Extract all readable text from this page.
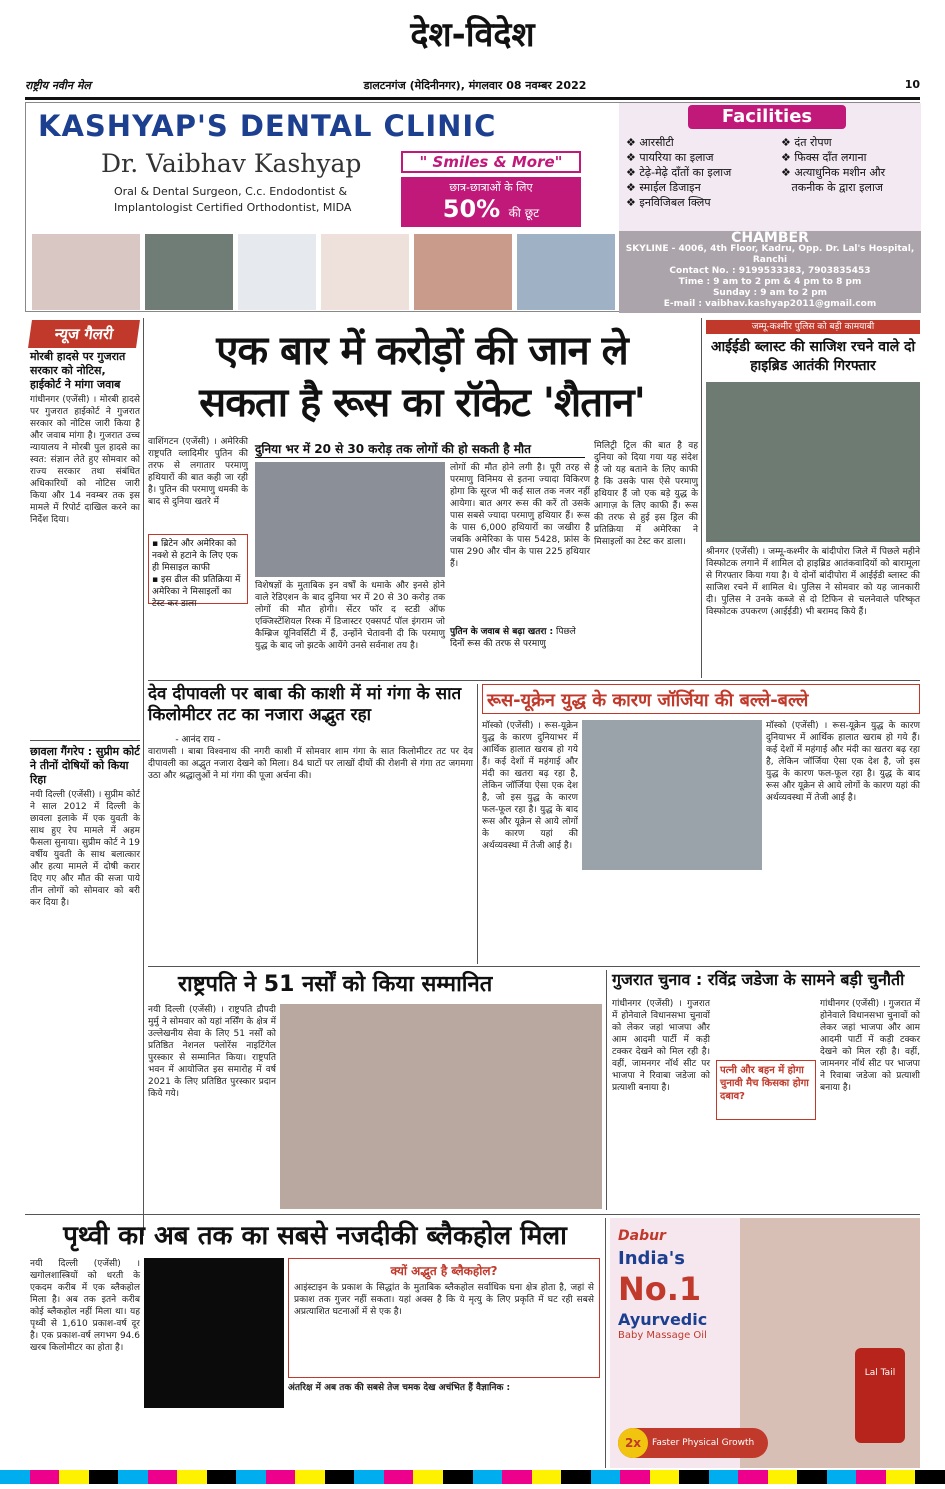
देश-विदेश
राष्ट्रीय नवीन मेल	डालटनगंज (मेदिनीनगर), मंगलवार 08 नवम्बर 2022	10
KASHYAP'S DENTAL CLINIC
Dr. Vaibhav Kashyap
Oral & Dental Surgeon, C.c. Endodontist &
Implantologist Certified Orthodontist, MIDA
" Smiles & More"
छात्र-छात्राओं के लिए
50% की छूट
Facilities
❖ आरसीटी
❖ पायरिया का इलाज
❖ टेढ़े-मेढ़े दाँतों का इलाज
❖ स्माईल डिजाइन
❖ इनविजिबल क्लिप
❖ दंत रोपण
❖ फिक्स दाँत लगाना
❖ अत्याधुनिक मशीन और
तकनीक के द्वारा इलाज
CHAMBER
SKYLINE - 4006, 4th Floor, Kadru, Opp. Dr. Lal's Hospital, Ranchi
Contact No. : 9199533383, 7903835453
Time : 9 am to 2 pm & 4 pm to 8 pm
Sunday : 9 am to 2 pm
E-mail : vaibhav.kashyap2011@gmail.com
न्यूज गैलरी
मोरबी हादसे पर गुजरात सरकार को नोटिस, हाईकोर्ट ने मांगा जवाब
गांधीनगर (एजेंसी) । मोरबी हादसे पर गुजरात हाईकोर्ट ने गुजरात सरकार को नोटिस जारी किया है और जवाब मांगा है। गुजरात उच्च न्यायालय ने मोरबी पुल हादसे का स्वत: संज्ञान लेते हुए सोमवार को राज्य सरकार तथा संबंधित अधिकारियों को नोटिस जारी किया और 14 नवम्बर तक इस मामले में रिपोर्ट दाखिल करने का निर्देश दिया।
छावला गैंगरेप : सुप्रीम कोर्ट ने तीनों दोषियों को किया रिहा
नयी दिल्ली (एजेंसी) । सुप्रीम कोर्ट ने साल 2012 में दिल्ली के छावला इलाके में एक युवती के साथ हुए रेप मामले में अहम फैसला सुनाया। सुप्रीम कोर्ट ने 19 वर्षीय युवती के साथ बलात्कार और हत्या मामले में दोषी करार दिए गए और मौत की सजा पाये तीन लोगों को सोमवार को बरी कर दिया है।
एक बार में करोड़ों की जान ले
सकता है रूस का रॉकेट 'शैतान'
वाशिंगटन (एजेंसी) । अमेरिकी राष्ट्रपति व्लादिमीर पुतिन की तरफ से लगातार परमाणु हथियारों की बात कही जा रही है। पुतिन की परमाणु धमकी के बाद से दुनिया खतरे में
▪ ब्रिटेन और अमेरिका को नक्शे से हटाने के लिए एक ही मिसाइल काफी
▪ इस ढील की प्रतिक्रिया में अमेरिका ने मिसाइलों का टेस्ट कर डाला
दुनिया भर में 20 से 30 करोड़ तक लोगों की हो सकती है मौत
लोगों की मौत होने लगी है। पूरी तरह से परमाणु विनिमय से इतना ज्यादा विकिरण होगा कि सूरज भी कई साल तक नजर नहीं आयेगा। बात अगर रूस की करें तो उसके पास सबसे ज्यादा परमाणु हथियार हैं। रूस के पास 6,000 हथियारों का जखीरा है जबकि अमेरिका के पास 5428, फ्रांस के पास 290 और चीन के पास 225 हथियार हैं।
विशेषज्ञों के मुताबिक इन वर्षों के धमाके और इनसे होने वाले रेडिएशन के बाद दुनिया भर में 20 से 30 करोड़ तक लोगों की मौत होगी। सेंटर फॉर द स्टडी ऑफ एक्जिस्टेंशियल रिस्क में डिजास्टर एक्सपर्ट पॉल इंगराम जो कैम्ब्रिज यूनिवर्सिटी में हैं, उन्होंने चेतावनी दी कि परमाणु युद्ध के बाद जो झटके आयेंगे उनसे सर्वनाश तय है।
मिलिट्री ट्रिल की बात है वह दुनिया को दिया गया यह संदेश है जो यह बताने के लिए काफी है कि उसके पास ऐसे परमाणु हथियार हैं जो एक बड़े युद्ध के आगाज़ के लिए काफी हैं। रूस की तरफ से हुई इस ड्रिल की प्रतिक्रिया में अमेरिका ने मिसाइलों का टेस्ट कर डाला।
पुतिन के जवाब से बढ़ा खतरा : पिछले दिनों रूस की तरफ से परमाणु
जम्मू-कश्मीर पुलिस को बड़ी कामयाबी
आईईडी ब्लास्ट की साजिश रचने वाले दो हाइब्रिड आतंकी गिरफ्तार
श्रीनगर (एजेंसी) । जम्मू-कश्मीर के बांदीपोरा जिले में पिछले महीने विस्फोटक लगाने में शामिल दो हाइब्रिड आतंकवादियों को बारामूला से गिरफ्तार किया गया है। ये दोनों बांदीपोरा में आईईडी ब्लास्ट की साजिश रचने में शामिल थे। पुलिस ने सोमवार को यह जानकारी दी। पुलिस ने उनके कब्जे से दो टिफिन से चलनेवाले परिष्कृत विस्फोटक उपकरण (आईईडी) भी बरामद किये हैं।
देव दीपावली पर बाबा की काशी में मां गंगा के सात किलोमीटर तट का नजारा अद्भुत रहा
- आनंद राय -
वाराणसी । बाबा विश्वनाथ की नगरी काशी में सोमवार शाम गंगा के सात किलोमीटर तट पर देव दीपावली का अद्भुत नजारा देखने को मिला। 84 घाटों पर लाखों दीयों की रोशनी से गंगा तट जगमगा उठा और श्रद्धालुओं ने मां गंगा की पूजा अर्चना की।
रूस-यूक्रेन युद्ध के कारण जॉर्जिया की बल्ले-बल्ले
मॉस्को (एजेंसी) । रूस-यूक्रेन युद्ध के कारण दुनियाभर में आर्थिक हालात खराब हो गये हैं। कई देशों में महंगाई और मंदी का खतरा बढ़ रहा है, लेकिन जॉर्जिया ऐसा एक देश है, जो इस युद्ध के कारण फल-फूल रहा है। युद्ध के बाद रूस और यूक्रेन से आये लोगों के कारण यहां की अर्थव्यवस्था में तेजी आई है।
मॉस्को (एजेंसी) । रूस-यूक्रेन युद्ध के कारण दुनियाभर में आर्थिक हालात खराब हो गये हैं। कई देशों में महंगाई और मंदी का खतरा बढ़ रहा है, लेकिन जॉर्जिया ऐसा एक देश है, जो इस युद्ध के कारण फल-फूल रहा है। युद्ध के बाद रूस और यूक्रेन से आये लोगों के कारण यहां की अर्थव्यवस्था में तेजी आई है।
राष्ट्रपति ने 51 नर्सों को किया सम्मानित
नयी दिल्ली (एजेंसी) । राष्ट्रपति द्रौपदी मुर्मु ने सोमवार को यहां नर्सिंग के क्षेत्र में उल्लेखनीय सेवा के लिए 51 नर्सों को प्रतिष्ठित नेशनल फ्लोरेंस नाइटिंगेल पुरस्कार से सम्मानित किया। राष्ट्रपति भवन में आयोजित इस समारोह में वर्ष 2021 के लिए प्रतिष्ठित पुरस्कार प्रदान किये गये।
गुजरात चुनाव : रविंद्र जडेजा के सामने बड़ी चुनौती
गांधीनगर (एजेंसी) । गुजरात में होनेवाले विधानसभा चुनावों को लेकर जहां भाजपा और आम आदमी पार्टी में कड़ी टक्कर देखने को मिल रही है। वहीं, जामनगर नॉर्थ सीट पर भाजपा ने रिवाबा जडेजा को प्रत्याशी बनाया है।
पत्नी और बहन में होगा चुनावी मैच किसका होगा दबाव?
गांधीनगर (एजेंसी) । गुजरात में होनेवाले विधानसभा चुनावों को लेकर जहां भाजपा और आम आदमी पार्टी में कड़ी टक्कर देखने को मिल रही है। वहीं, जामनगर नॉर्थ सीट पर भाजपा ने रिवाबा जडेजा को प्रत्याशी बनाया है।
पृथ्वी का अब तक का सबसे नजदीकी ब्लैकहोल मिला
नयी दिल्ली (एजेंसी) । खगोलशास्त्रियों को धरती के एकदम करीब में एक ब्लैकहोल मिला है। अब तक इतने करीब कोई ब्लैकहोल नहीं मिला था। यह पृथ्वी से 1,610 प्रकाश-वर्ष दूर है। एक प्रकाश-वर्ष लगभग 94.6 खरब किलोमीटर का होता है।
क्यों अद्भुत है ब्लैकहोल?
आइंस्टाइन के प्रकाश के सिद्धांत के मुताबिक ब्लैकहोल सर्वाधिक घना क्षेत्र होता है, जहां से प्रकाश तक गुजर नहीं सकता। यहां अक्स है कि ये मृत्यु के लिए प्रकृति में घट रही सबसे अप्रत्याशित घटनाओं में से एक है।
अंतरिक्ष में अब तक की सबसे तेज चमक देख अचंभित हैं वैज्ञानिक :
Dabur
India's
No.1
Ayurvedic
Baby Massage Oil
Lal Tail
Faster Physical Growth
2x
